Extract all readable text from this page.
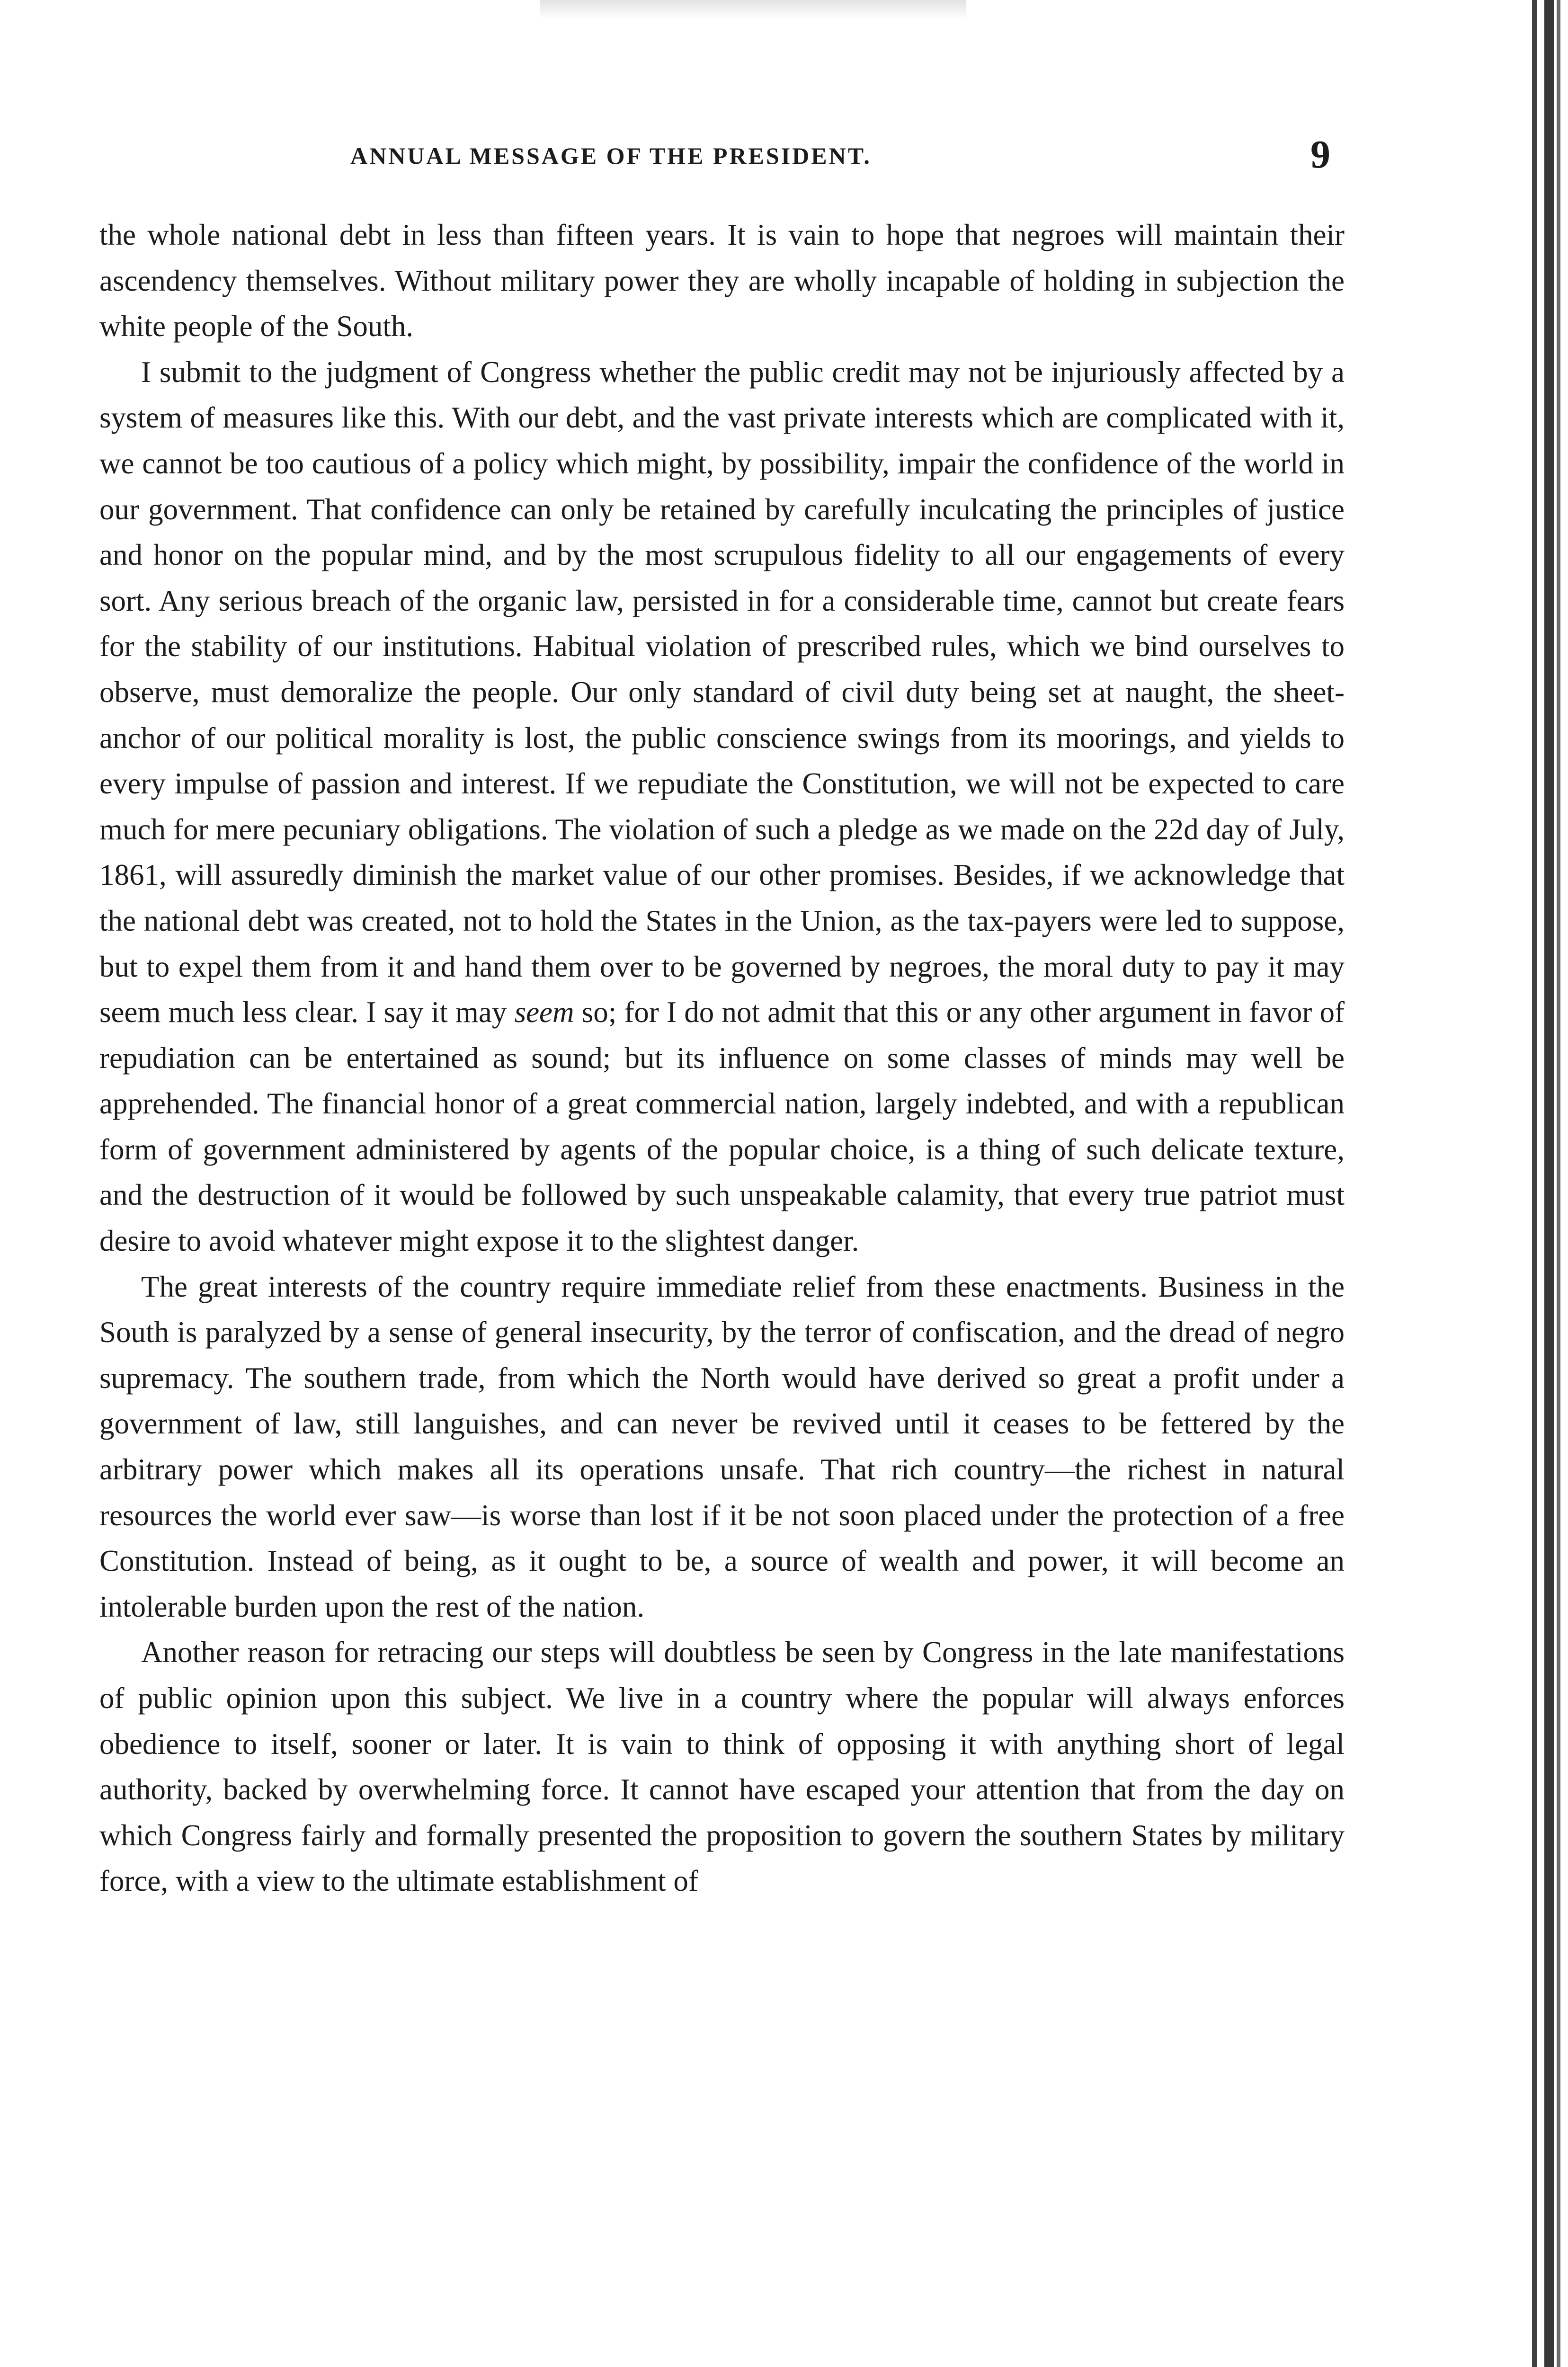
ANNUAL MESSAGE OF THE PRESIDENT.	9

the whole national debt in less than fifteen years. It is vain to hope that negroes will maintain their ascendency themselves. Without military power they are wholly incapable of holding in subjection the white people of the South.

I submit to the judgment of Congress whether the public credit may not be injuriously affected by a system of measures like this. With our debt, and the vast private interests which are complicated with it, we cannot be too cautious of a policy which might, by possibility, impair the confidence of the world in our government. That confidence can only be retained by carefully inculcating the principles of justice and honor on the popular mind, and by the most scrupulous fidelity to all our engagements of every sort. Any serious breach of the organic law, persisted in for a considerable time, cannot but create fears for the stability of our institutions. Habitual violation of prescribed rules, which we bind ourselves to observe, must demoralize the people. Our only standard of civil duty being set at naught, the sheet-anchor of our political morality is lost, the public conscience swings from its moorings, and yields to every impulse of passion and interest. If we repudiate the Constitution, we will not be expected to care much for mere pecuniary obligations. The violation of such a pledge as we made on the 22d day of July, 1861, will assuredly diminish the market value of our other promises. Besides, if we acknowledge that the national debt was created, not to hold the States in the Union, as the tax-payers were led to suppose, but to expel them from it and hand them over to be governed by negroes, the moral duty to pay it may seem much less clear. I say it may seem so; for I do not admit that this or any other argument in favor of repudiation can be entertained as sound; but its influence on some classes of minds may well be apprehended. The financial honor of a great commercial nation, largely indebted, and with a republican form of government administered by agents of the popular choice, is a thing of such delicate texture, and the destruction of it would be followed by such unspeakable calamity, that every true patriot must desire to avoid whatever might expose it to the slightest danger.

The great interests of the country require immediate relief from these enactments. Business in the South is paralyzed by a sense of general insecurity, by the terror of confiscation, and the dread of negro supremacy. The southern trade, from which the North would have derived so great a profit under a government of law, still languishes, and can never be revived until it ceases to be fettered by the arbitrary power which makes all its operations unsafe. That rich country—the richest in natural resources the world ever saw—is worse than lost if it be not soon placed under the protection of a free Constitution. Instead of being, as it ought to be, a source of wealth and power, it will become an intolerable burden upon the rest of the nation.

Another reason for retracing our steps will doubtless be seen by Congress in the late manifestations of public opinion upon this subject. We live in a country where the popular will always enforces obedience to itself, sooner or later. It is vain to think of opposing it with anything short of legal authority, backed by overwhelming force. It cannot have escaped your attention that from the day on which Congress fairly and formally presented the proposition to govern the southern States by military force, with a view to the ultimate establishment of
